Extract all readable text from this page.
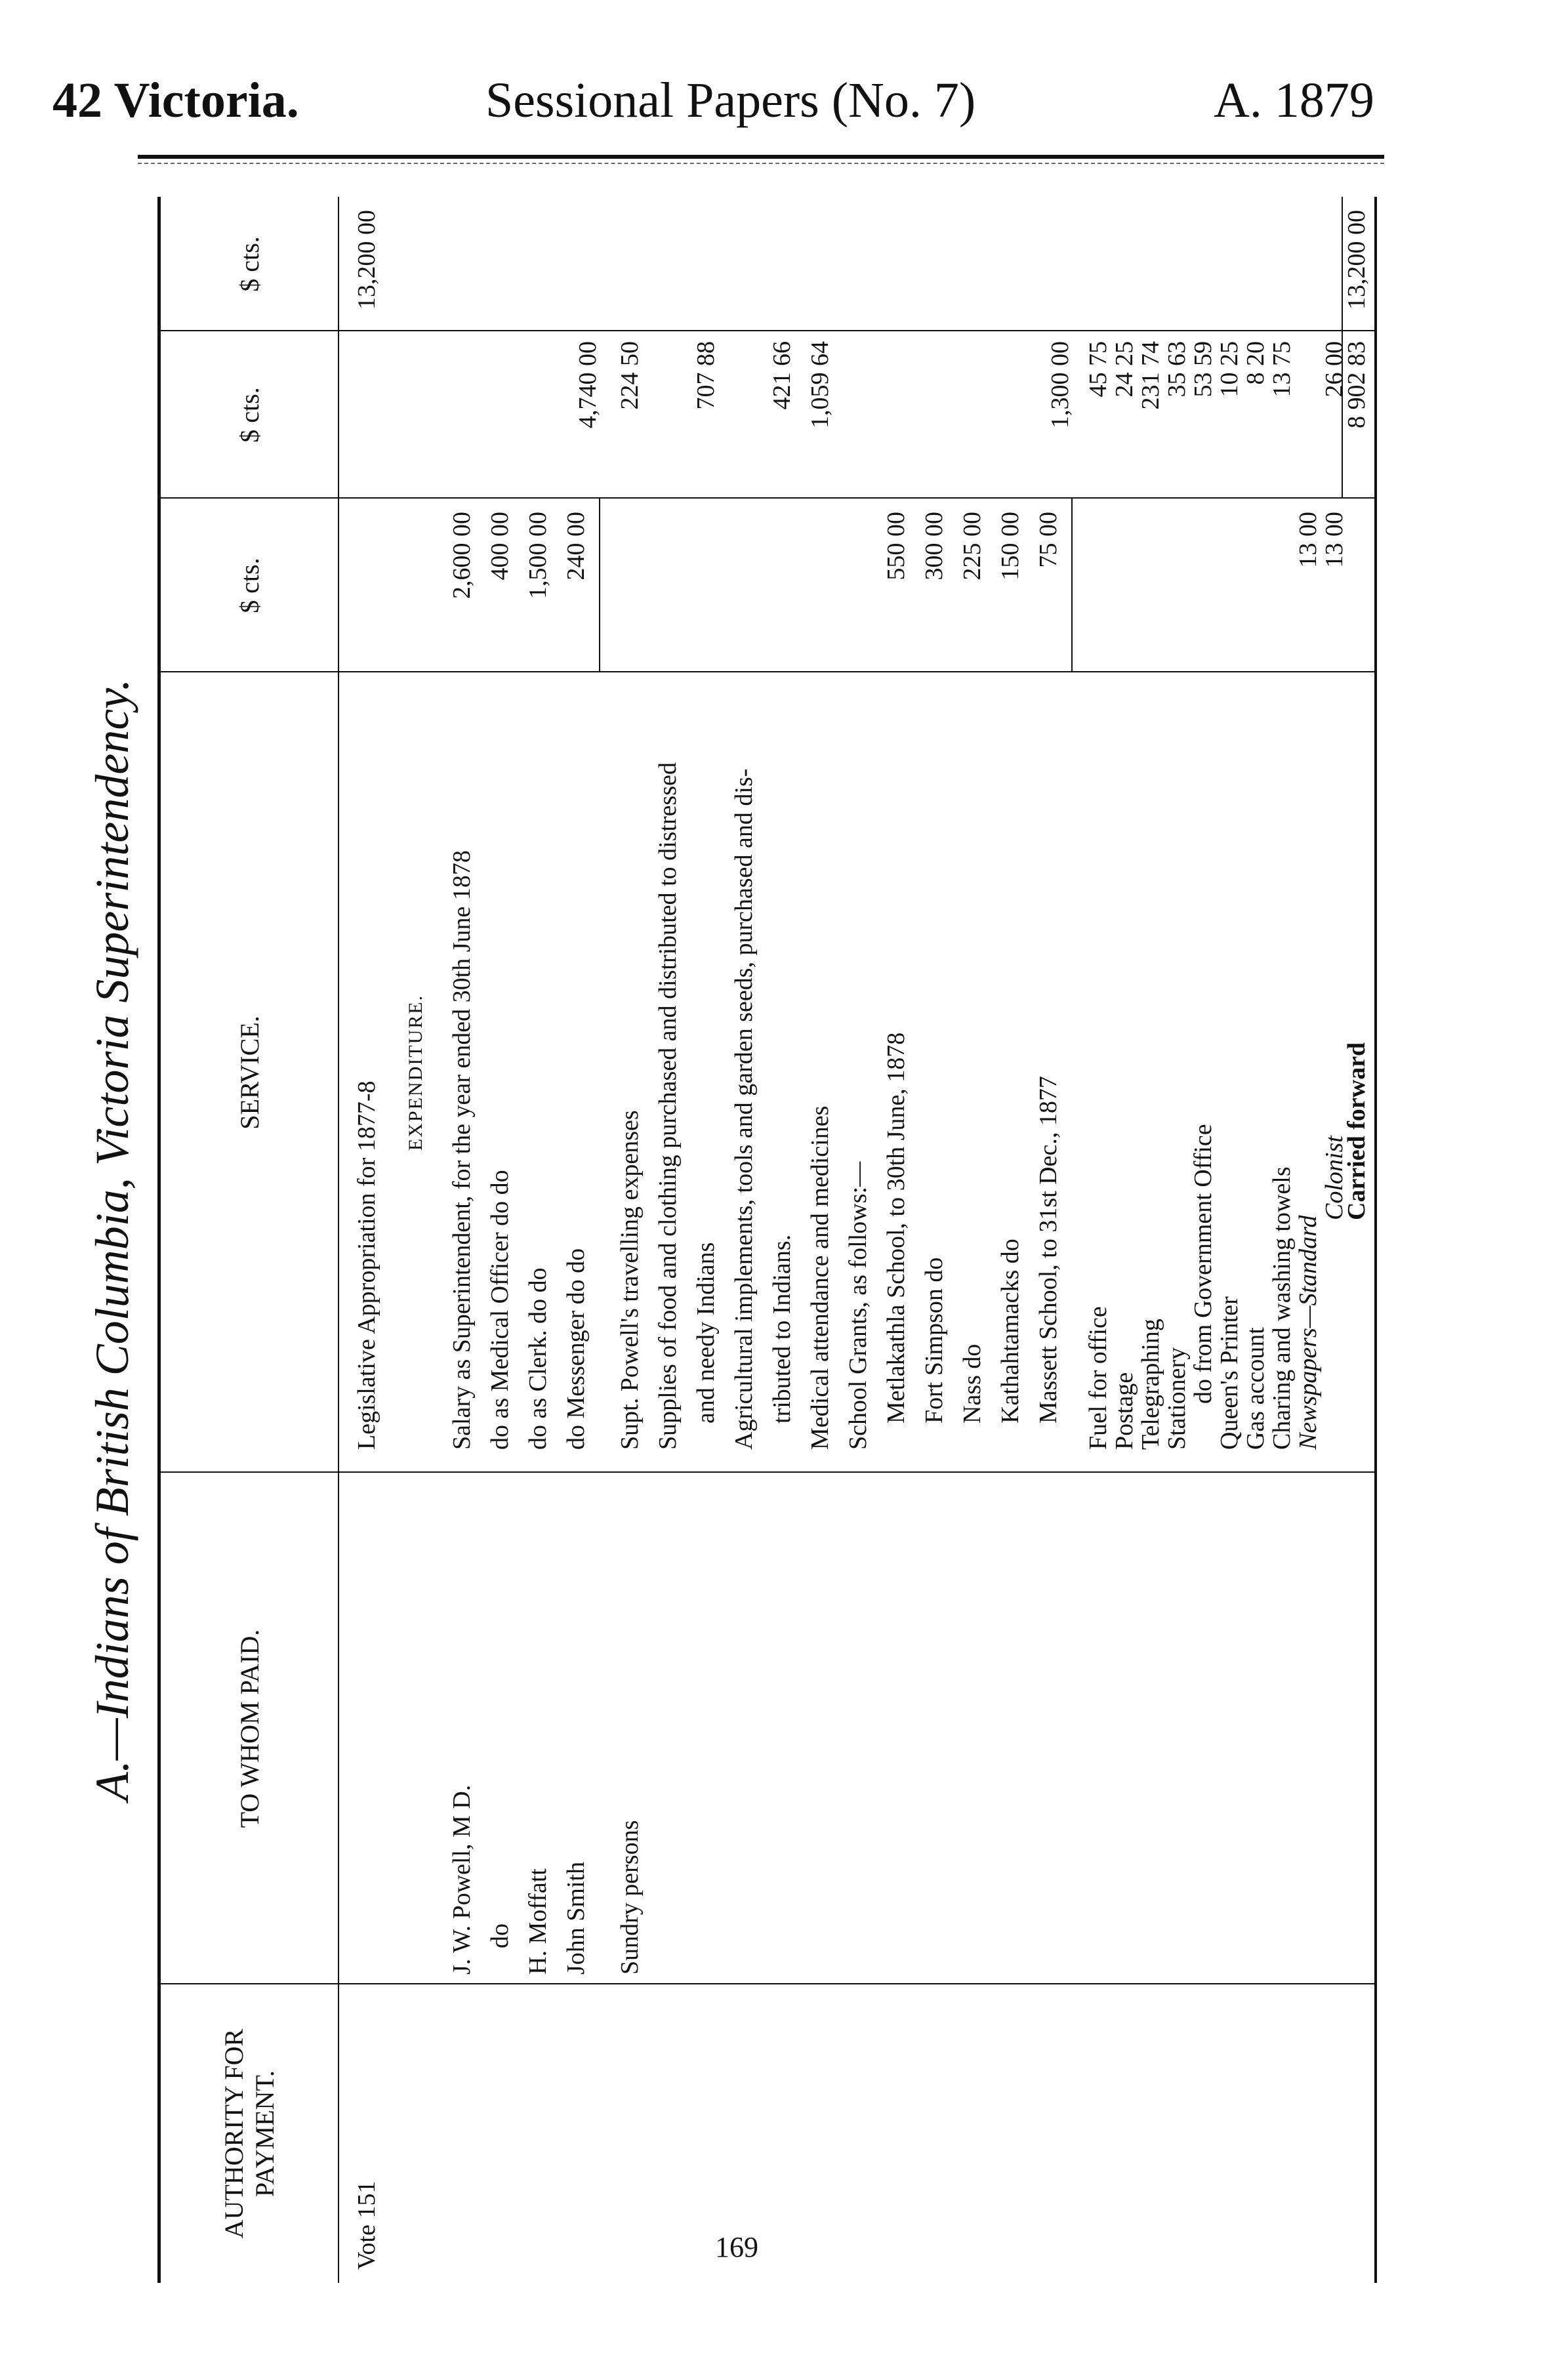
42 Victoria.	Sessional Papers (No. 7)	A. 1879
A.—Indians of British Columbia, Victoria Superintendency.
AUTHORITY FOR PAYMENT.
TO WHOM PAID.
SERVICE.
$ cts.
$ cts.
$ cts.
Vote 151
Legislative Appropriation for 1877-8
13,200 00
EXPENDITURE.
J. W. Powell, M D.
Salary as Superintendent, for the year ended 30th June 1878
2,600 00
do
do as Medical Officer do do
400 00
H. Moffatt
do as Clerk. do do
1,500 00
John Smith
do Messenger do do
240 00
4,740 00
Sundry persons
Supt. Powell's travelling expenses
224 50
Supplies of food and clothing purchased and distributed to distressed and needy Indians
707 88
Agricultural implements, tools and garden seeds, purchased and dis- tributed to Indians.
421 66
Medical attendance and medicines
1,059 64
School Grants, as follows:— Metlakathla School, to 30th June, 1878
550 00
Fort Simpson do
300 00
Nass do
225 00
Kathahtamacks do
150 00
Massett School, to 31st Dec., 1877
75 00
1,300 00
Fuel for office
45 75
Postage
24 25
Telegraphing
231 74
Stationery
35 63
do from Government Office
53 59
Queen's Printer
10 25
Gas account
8 20
Charing and washing towels
13 75
Newspapers—Standard
13 00
Colonist
13 00
26 00
Carried forward
8 902 83
13,200 00
169
